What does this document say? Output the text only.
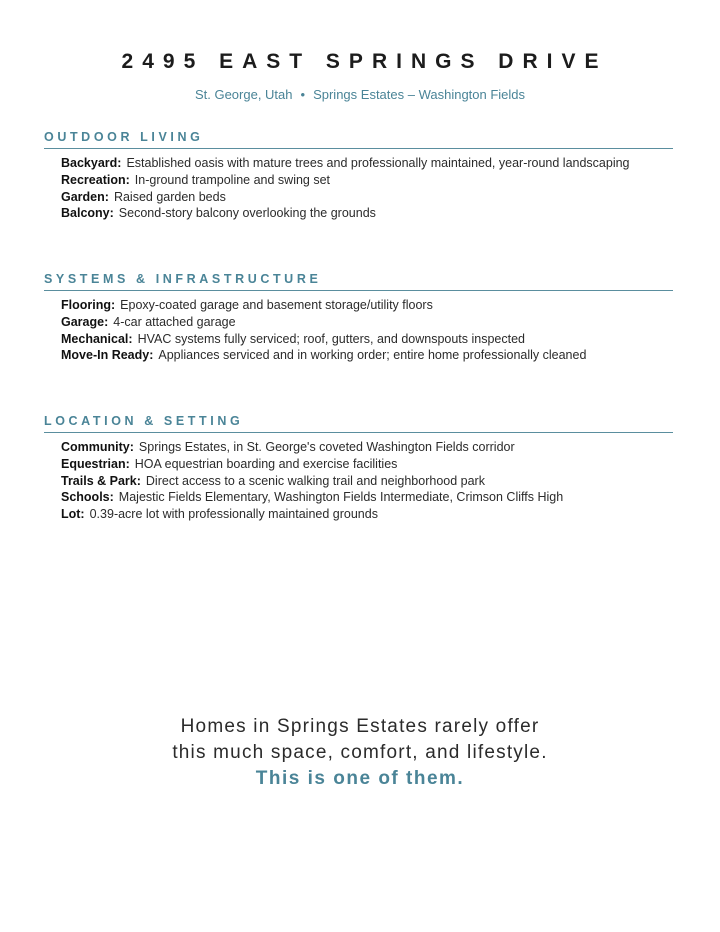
2495 EAST SPRINGS DRIVE
St. George, Utah • Springs Estates – Washington Fields
OUTDOOR LIVING
Backyard: Established oasis with mature trees and professionally maintained, year-round landscaping
Recreation: In-ground trampoline and swing set
Garden: Raised garden beds
Balcony: Second-story balcony overlooking the grounds
SYSTEMS & INFRASTRUCTURE
Flooring: Epoxy-coated garage and basement storage/utility floors
Garage: 4-car attached garage
Mechanical: HVAC systems fully serviced; roof, gutters, and downspouts inspected
Move-In Ready: Appliances serviced and in working order; entire home professionally cleaned
LOCATION & SETTING
Community: Springs Estates, in St. George's coveted Washington Fields corridor
Equestrian: HOA equestrian boarding and exercise facilities
Trails & Park: Direct access to a scenic walking trail and neighborhood park
Schools: Majestic Fields Elementary, Washington Fields Intermediate, Crimson Cliffs High
Lot: 0.39-acre lot with professionally maintained grounds
Homes in Springs Estates rarely offer
this much space, comfort, and lifestyle.
This is one of them.
